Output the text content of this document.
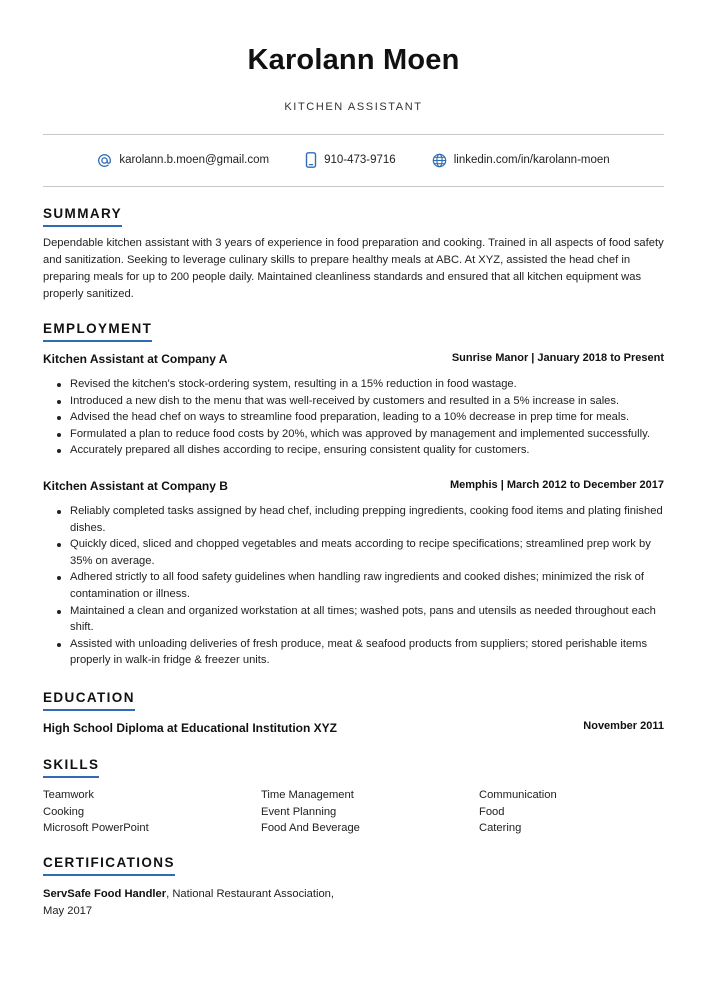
Karolann Moen
KITCHEN ASSISTANT
karolann.b.moen@gmail.com	910-473-9716	linkedin.com/in/karolann-moen
SUMMARY
Dependable kitchen assistant with 3 years of experience in food preparation and cooking. Trained in all aspects of food safety and sanitization. Seeking to leverage culinary skills to prepare healthy meals at ABC. At XYZ, assisted the head chef in preparing meals for up to 200 people daily. Maintained cleanliness standards and ensured that all kitchen equipment was properly sanitized.
EMPLOYMENT
Kitchen Assistant at Company A	Sunrise Manor | January 2018 to Present
Revised the kitchen's stock-ordering system, resulting in a 15% reduction in food wastage.
Introduced a new dish to the menu that was well-received by customers and resulted in a 5% increase in sales.
Advised the head chef on ways to streamline food preparation, leading to a 10% decrease in prep time for meals.
Formulated a plan to reduce food costs by 20%, which was approved by management and implemented successfully.
Accurately prepared all dishes according to recipe, ensuring consistent quality for customers.
Kitchen Assistant at Company B	Memphis | March 2012 to December 2017
Reliably completed tasks assigned by head chef, including prepping ingredients, cooking food items and plating finished dishes.
Quickly diced, sliced and chopped vegetables and meats according to recipe specifications; streamlined prep work by 35% on average.
Adhered strictly to all food safety guidelines when handling raw ingredients and cooked dishes; minimized the risk of contamination or illness.
Maintained a clean and organized workstation at all times; washed pots, pans and utensils as needed throughout each shift.
Assisted with unloading deliveries of fresh produce, meat & seafood products from suppliers; stored perishable items properly in walk-in fridge & freezer units.
EDUCATION
High School Diploma at Educational Institution XYZ	November 2011
SKILLS
Teamwork	Time Management	Communication
Cooking	Event Planning	Food
Microsoft PowerPoint	Food And Beverage	Catering
CERTIFICATIONS
ServSafe Food Handler, National Restaurant Association,
May 2017
